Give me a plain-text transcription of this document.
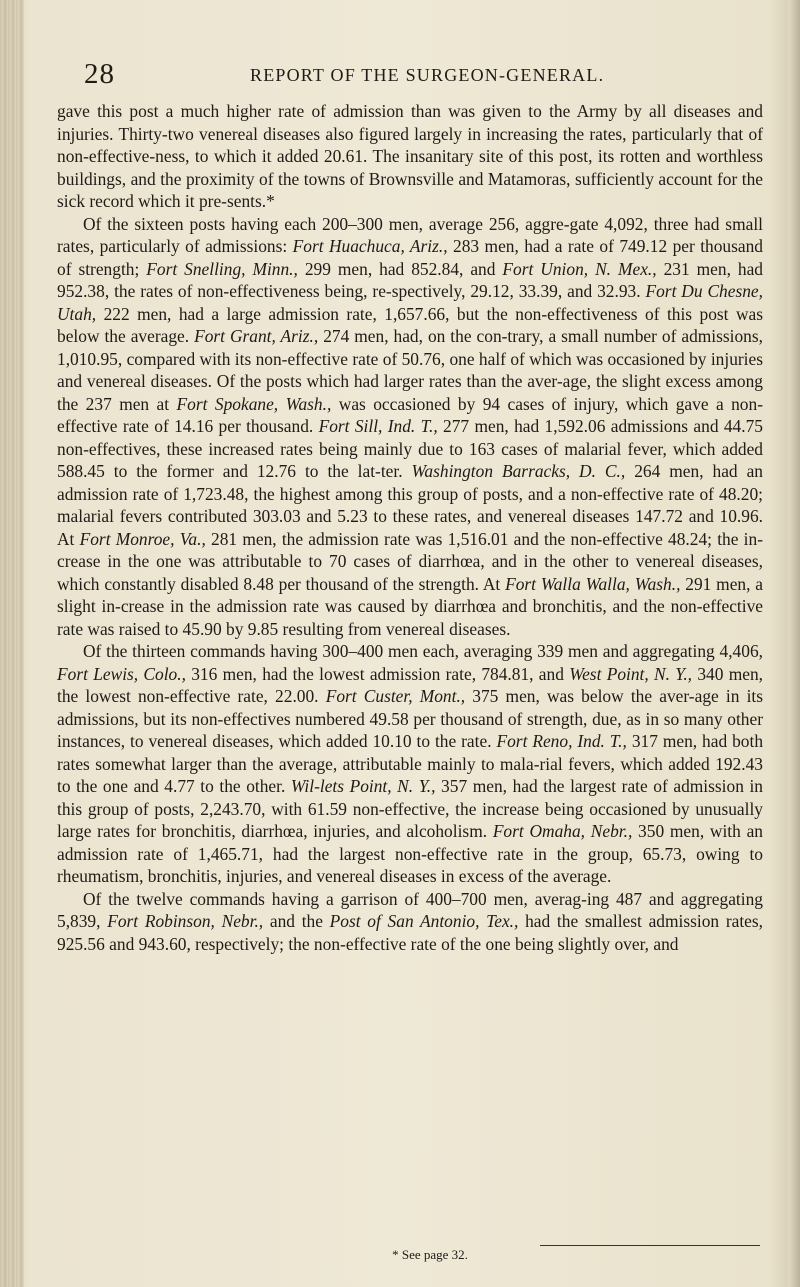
28	REPORT OF THE SURGEON-GENERAL.

gave this post a much higher rate of admission than was given to the Army by all diseases and injuries. Thirty-two venereal diseases also figured largely in increasing the rates, particularly that of non-effective-ness, to which it added 20.61. The insanitary site of this post, its rotten and worthless buildings, and the proximity of the towns of Brownsville and Matamoras, sufficiently account for the sick record which it pre-sents.*

Of the sixteen posts having each 200–300 men, average 256, aggre-gate 4,092, three had small rates, particularly of admissions: Fort Huachuca, Ariz., 283 men, had a rate of 749.12 per thousand of strength; Fort Snelling, Minn., 299 men, had 852.84, and Fort Union, N. Mex., 231 men, had 952.38, the rates of non-effectiveness being, re-spectively, 29.12, 33.39, and 32.93. Fort Du Chesne, Utah, 222 men, had a large admission rate, 1,657.66, but the non-effectiveness of this post was below the average. Fort Grant, Ariz., 274 men, had, on the con-trary, a small number of admissions, 1,010.95, compared with its non-effective rate of 50.76, one half of which was occasioned by injuries and venereal diseases. Of the posts which had larger rates than the aver-age, the slight excess among the 237 men at Fort Spokane, Wash., was occasioned by 94 cases of injury, which gave a non-effective rate of 14.16 per thousand. Fort Sill, Ind. T., 277 men, had 1,592.06 admissions and 44.75 non-effectives, these increased rates being mainly due to 163 cases of malarial fever, which added 588.45 to the former and 12.76 to the lat-ter. Washington Barracks, D. C., 264 men, had an admission rate of 1,723.48, the highest among this group of posts, and a non-effective rate of 48.20; malarial fevers contributed 303.03 and 5.23 to these rates, and venereal diseases 147.72 and 10.96. At Fort Monroe, Va., 281 men, the admission rate was 1,516.01 and the non-effective 48.24; the in-crease in the one was attributable to 70 cases of diarrhœa, and in the other to venereal diseases, which constantly disabled 8.48 per thousand of the strength. At Fort Walla Walla, Wash., 291 men, a slight in-crease in the admission rate was caused by diarrhœa and bronchitis, and the non-effective rate was raised to 45.90 by 9.85 resulting from venereal diseases.

Of the thirteen commands having 300–400 men each, averaging 339 men and aggregating 4,406, Fort Lewis, Colo., 316 men, had the lowest admission rate, 784.81, and West Point, N. Y., 340 men, the lowest non-effective rate, 22.00. Fort Custer, Mont., 375 men, was below the aver-age in its admissions, but its non-effectives numbered 49.58 per thousand of strength, due, as in so many other instances, to venereal diseases, which added 10.10 to the rate. Fort Reno, Ind. T., 317 men, had both rates somewhat larger than the average, attributable mainly to mala-rial fevers, which added 192.43 to the one and 4.77 to the other. Wil-lets Point, N. Y., 357 men, had the largest rate of admission in this group of posts, 2,243.70, with 61.59 non-effective, the increase being occasioned by unusually large rates for bronchitis, diarrhœa, injuries, and alcoholism. Fort Omaha, Nebr., 350 men, with an admission rate of 1,465.71, had the largest non-effective rate in the group, 65.73, owing to rheumatism, bronchitis, injuries, and venereal diseases in excess of the average.

Of the twelve commands having a garrison of 400–700 men, averag-ing 487 and aggregating 5,839, Fort Robinson, Nebr., and the Post of San Antonio, Tex., had the smallest admission rates, 925.56 and 943.60, respectively; the non-effective rate of the one being slightly over, and

* See page 32.
